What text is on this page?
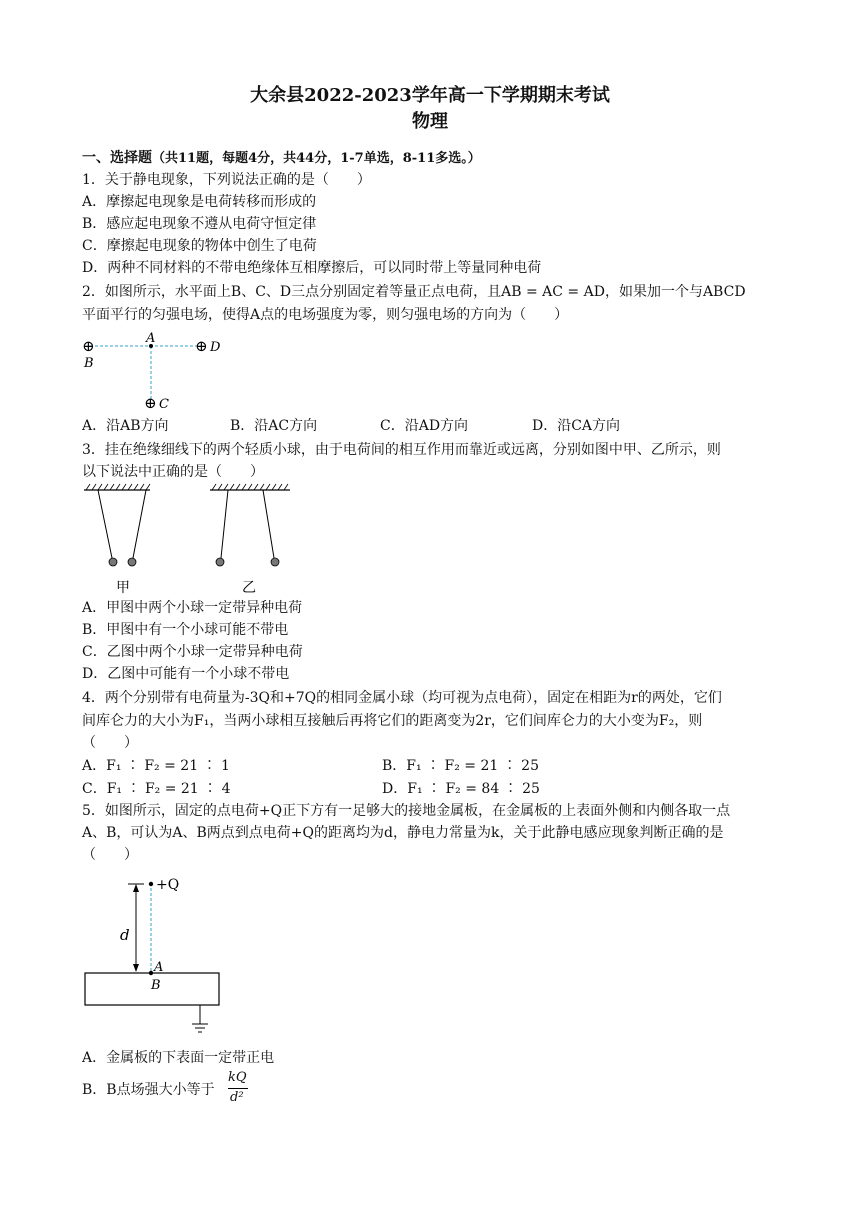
大余县2022-2023学年高一下学期期末考试
物理
一、选择题（共11题，每题4分，共44分，1-7单选，8-11多选。）
1．关于静电现象，下列说法正确的是（　　）
A．摩擦起电现象是电荷转移而形成的
B．感应起电现象不遵从电荷守恒定律
C．摩擦起电现象的物体中创生了电荷
D．两种不同材料的不带电绝缘体互相摩擦后，可以同时带上等量同种电荷
2．如图所示，水平面上B、C、D三点分别固定着等量正点电荷，且AB = AC = AD，如果加一个与ABCD
平面平行的匀强电场，使得A点的电场强度为零，则匀强电场的方向为（　　）
A
⊕
B
⊕ D
⊕ C
A．沿AB方向	B．沿AC方向	C．沿AD方向	D．沿CA方向
3．挂在绝缘细线下的两个轻质小球，由于电荷间的相互作用而靠近或远离，分别如图中甲、乙所示，则
以下说法中正确的是（　　）
甲	乙
A．甲图中两个小球一定带异种电荷
B．甲图中有一个小球可能不带电
C．乙图中两个小球一定带异种电荷
D．乙图中可能有一个小球不带电
4．两个分别带有电荷量为-3Q和+7Q的相同金属小球（均可视为点电荷），固定在相距为r的两处，它们
间库仑力的大小为F₁，当两小球相互接触后再将它们的距离变为2r，它们间库仑力的大小变为F₂，则
（　　）
A．F₁ ∶ F₂ = 21 ∶ 1	B．F₁ ∶ F₂ = 21 ∶ 25
C．F₁ ∶ F₂ = 21 ∶ 4	D．F₁ ∶ F₂ = 84 ∶ 25
5．如图所示，固定的点电荷+Q正下方有一足够大的接地金属板，在金属板的上表面外侧和内侧各取一点
A、B，可认为A、B两点到点电荷+Q的距离均为d，静电力常量为k，关于此静电感应现象判断正确的是
（　　）
d
+Q
A
B
A．金属板的下表面一定带正电
B．B点场强大小等于
kQ
d²
